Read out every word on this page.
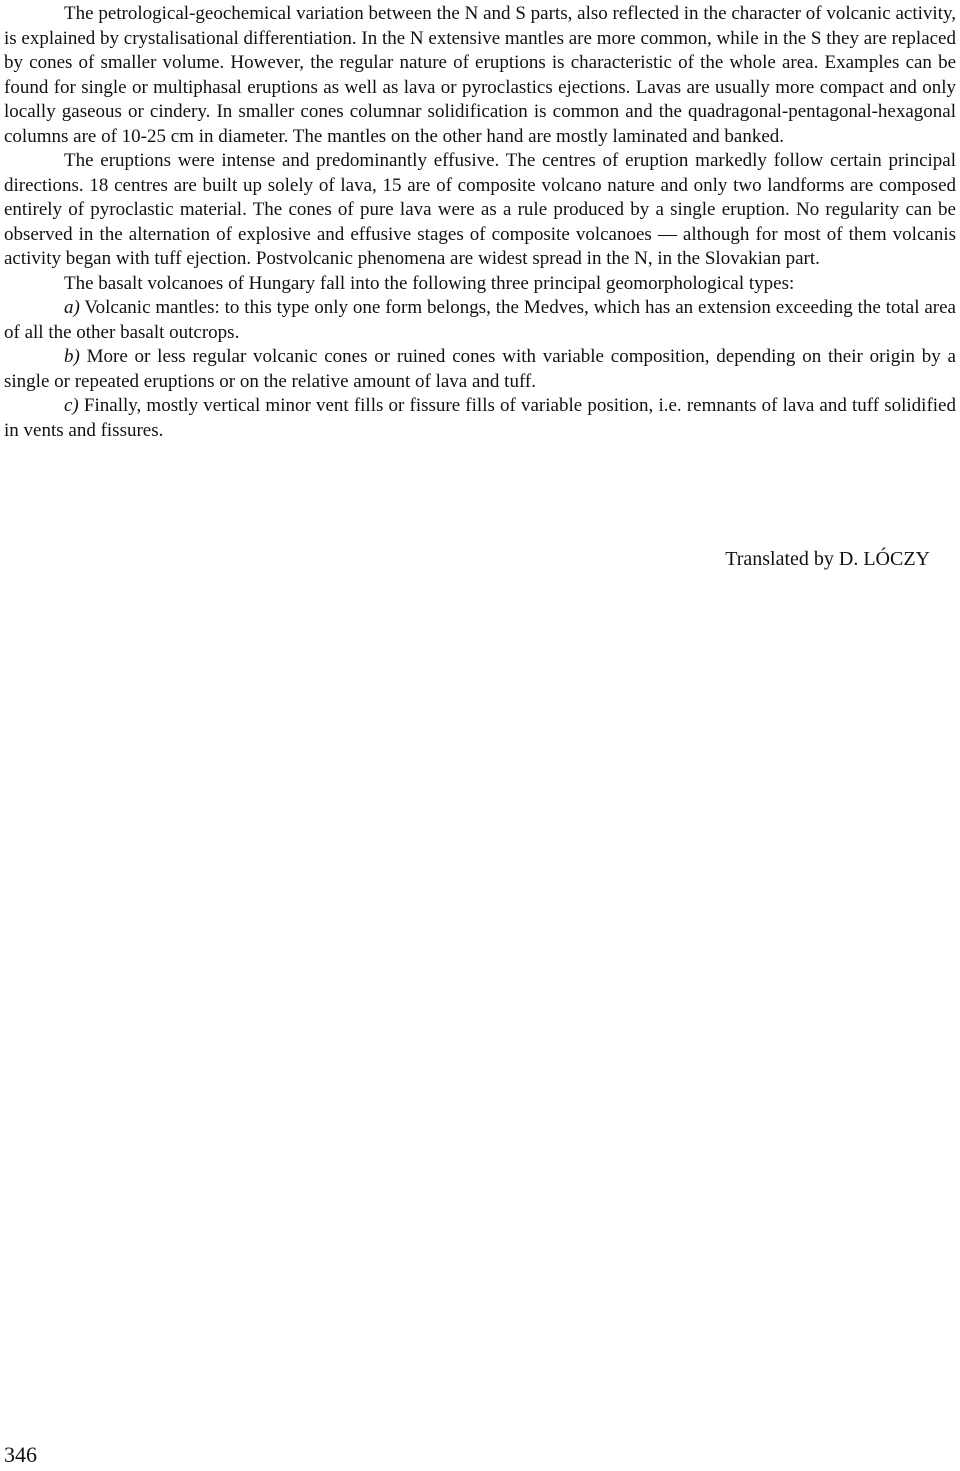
The petrological-geochemical variation between the N and S parts, also reflected in the character of volcanic activity, is explained by crystalisational differentiation. In the N extensive mantles are more common, while in the S they are replaced by cones of smaller volume. However, the regular nature of eruptions is characteristic of the whole area. Examples can be found for single or multiphasal eruptions as well as lava or pyroclastics ejections. Lavas are usually more compact and only locally gaseous or cindery. In smaller cones columnar solidification is common and the quadragonal-pentagonal-hexagonal columns are of 10-25 cm in diameter. The mantles on the other hand are mostly laminated and banked.

The eruptions were intense and predominantly effusive. The centres of eruption markedly follow certain principal directions. 18 centres are built up solely of lava, 15 are of composite volcano nature and only two landforms are composed entirely of pyroclastic material. The cones of pure lava were as a rule produced by a single eruption. No regularity can be observed in the alternation of explosive and effusive stages of composite volcanoes — although for most of them volcanis activity began with tuff ejection. Postvolcanic phenomena are widest spread in the N, in the Slovakian part.

The basalt volcanoes of Hungary fall into the following three principal geomorphological types:

a) Volcanic mantles: to this type only one form belongs, the Medves, which has an extension exceeding the total area of all the other basalt outcrops.

b) More or less regular volcanic cones or ruined cones with variable composition, depending on their origin by a single or repeated eruptions or on the relative amount of lava and tuff.

c) Finally, mostly vertical minor vent fills or fissure fills of variable position, i.e. remnants of lava and tuff solidified in vents and fissures.

Translated by D. LÓCZY
346
